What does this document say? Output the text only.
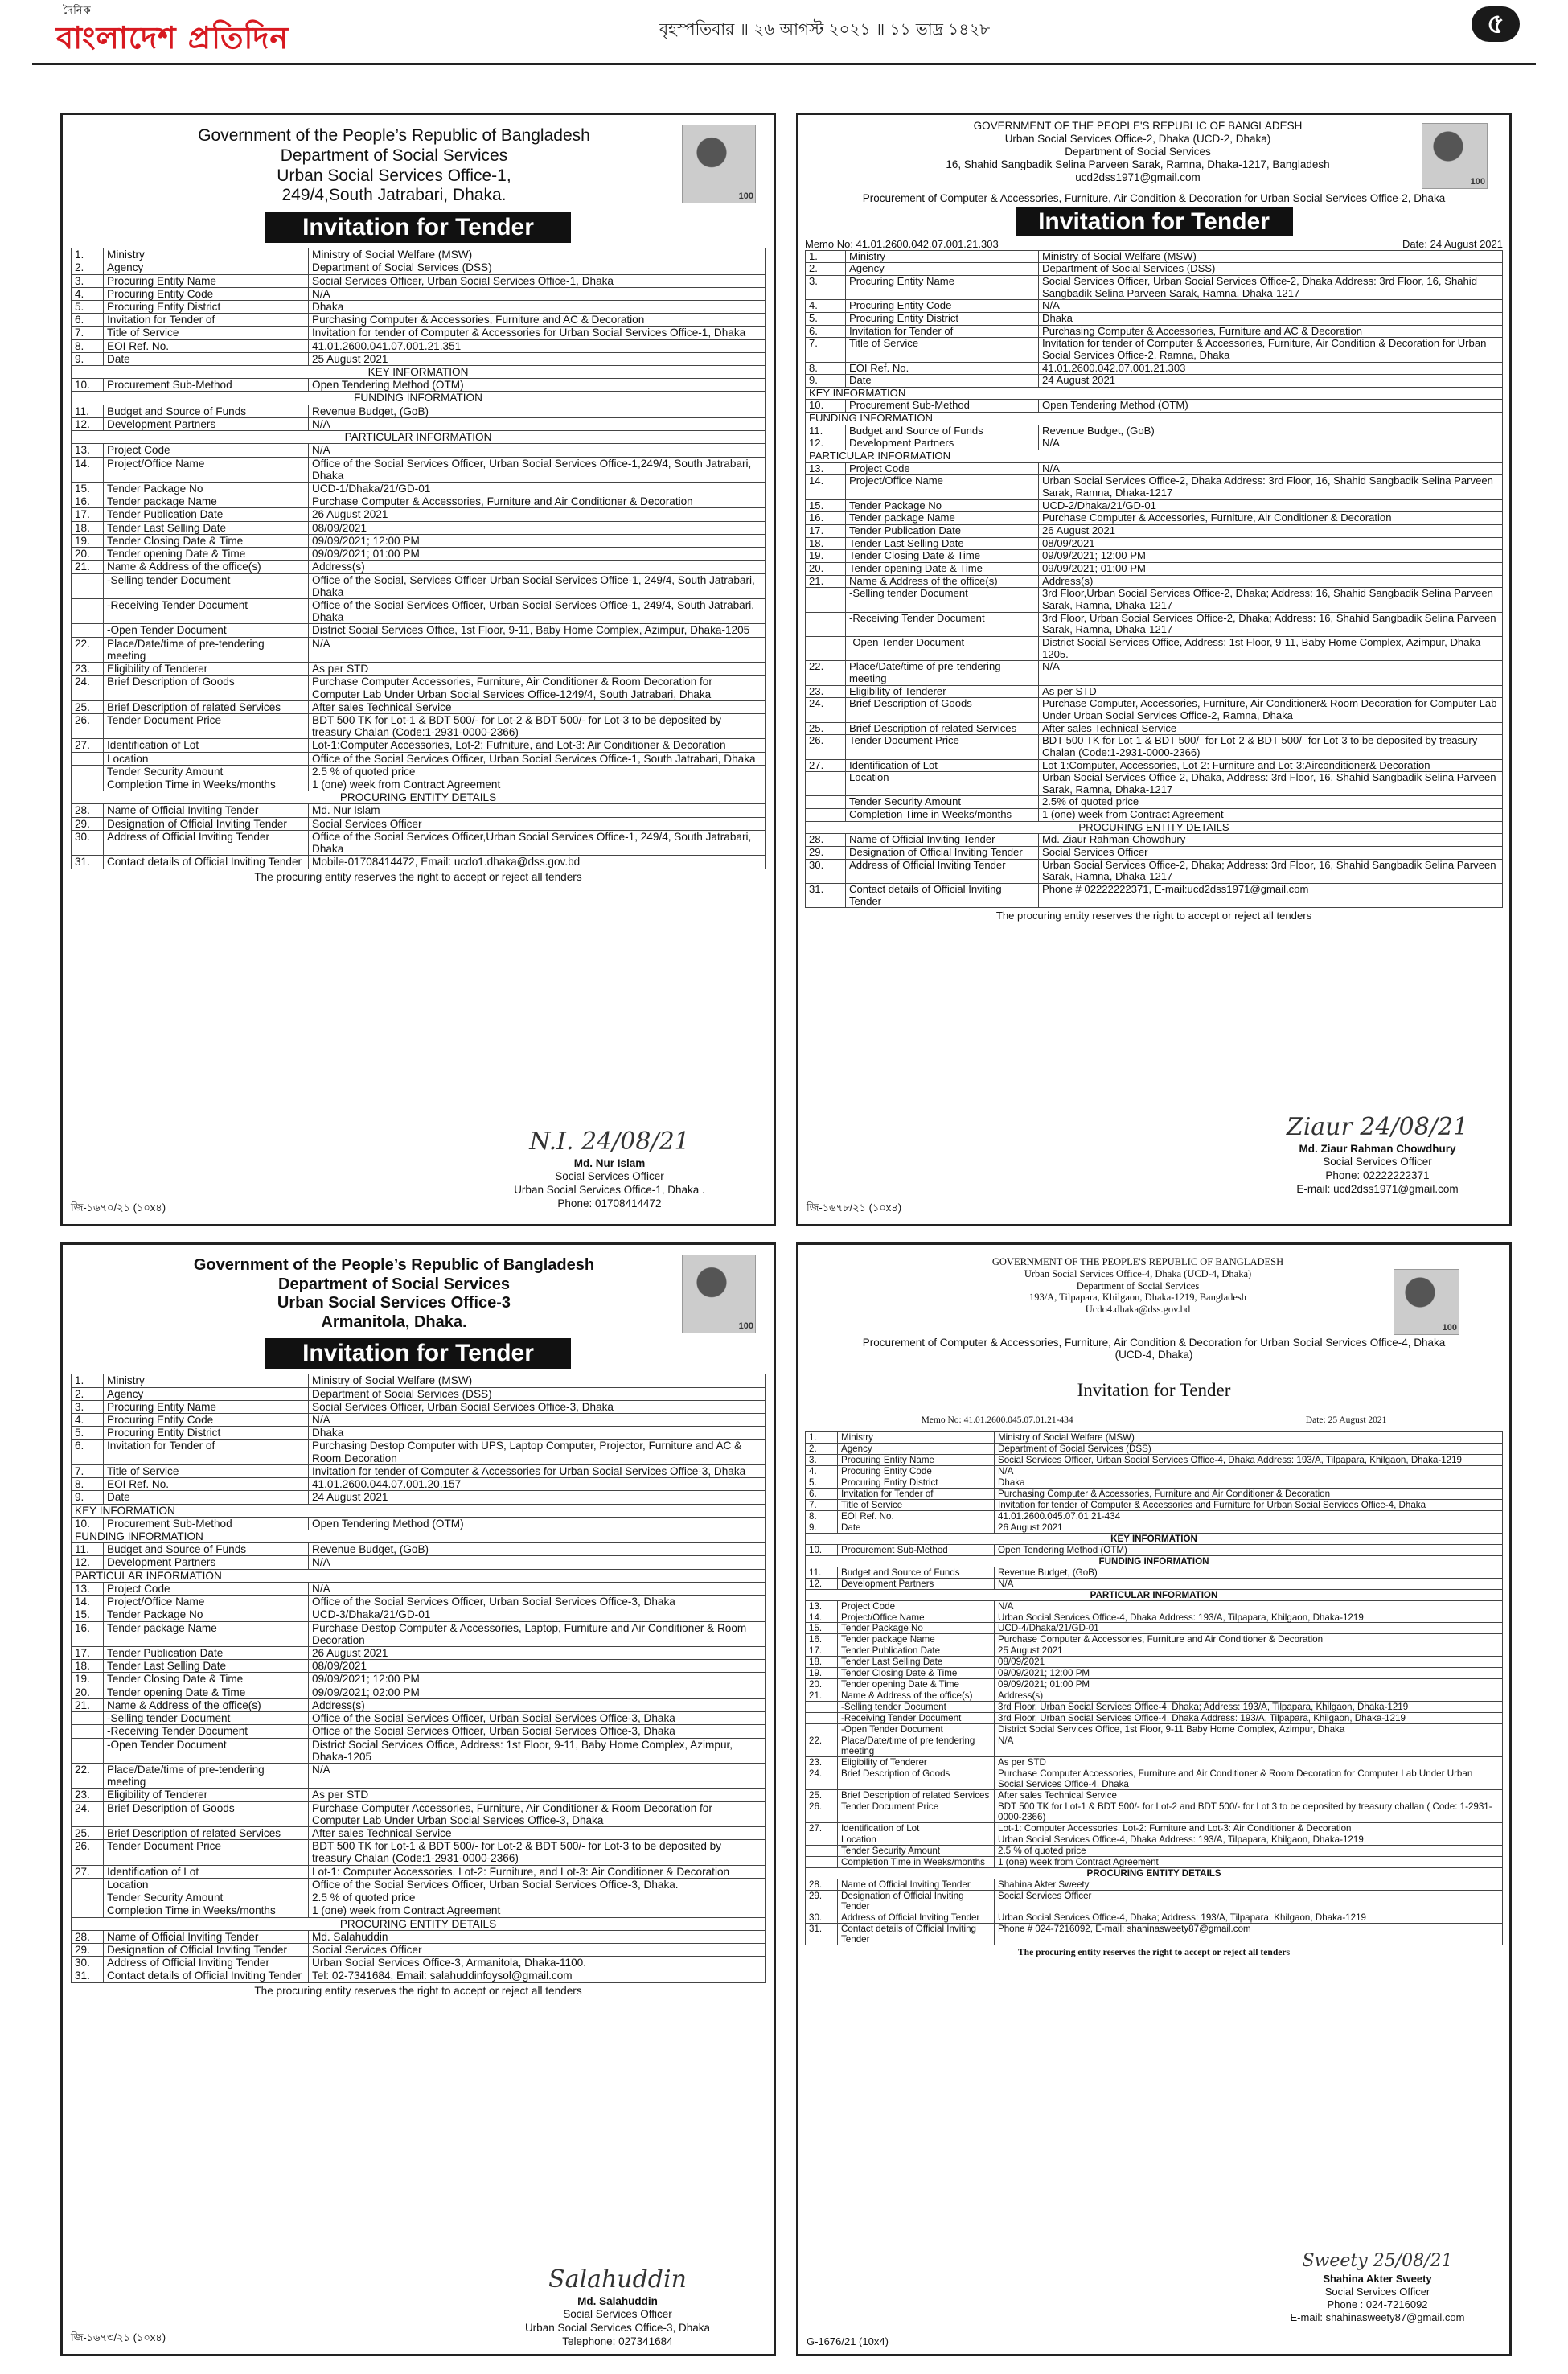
দৈনিক
বাংলাদেশ প্রতিদিন	বৃহস্পতিবার ॥ ২৬ আগস্ট ২০২১ ॥ ১১ ভাদ্র ১৪২৮	৫
100
Government of the People’s Republic of Bangladesh
Department of Social Services
Urban Social Services Office-1,
249/4,South Jatrabari, Dhaka.
Invitation for Tender
1.	Ministry	Ministry of Social Welfare (MSW)
2.	Agency	Department of Social Services (DSS)
3.	Procuring Entity Name	Social Services Officer, Urban Social Services Office-1, Dhaka
4.	Procuring Entity Code	N/A
5.	Procuring Entity District	Dhaka
6.	Invitation for Tender of	Purchasing Computer & Accessories, Furniture and AC & Decoration
7.	Title of Service	Invitation for tender of Computer & Accessories for Urban Social Services Office-1, Dhaka
8.	EOI Ref. No.	41.01.2600.041.07.001.21.351
9.	Date	25 August 2021
KEY INFORMATION		
10.	Procurement Sub-Method	Open Tendering Method (OTM)
FUNDING INFORMATION		
11.	Budget and Source of Funds	Revenue Budget, (GoB)
12.	Development Partners	N/A
PARTICULAR INFORMATION		
13.	Project Code	N/A
14.	Project/Office Name	Office of the Social Services Officer, Urban Social Services Office-1,249/4, South Jatrabari, Dhaka
15.	Tender Package No	UCD-1/Dhaka/21/GD-01
16.	Tender package Name	Purchase Computer & Accessories, Furniture and Air Conditioner & Decoration
17.	Tender Publication Date	26 August 2021
18.	Tender Last Selling Date	08/09/2021
19.	Tender Closing Date & Time	09/09/2021; 12:00 PM
20.	Tender opening Date & Time	09/09/2021; 01:00 PM
21.	Name & Address of the office(s)	Address(s)
	-Selling tender Document	Office of the Social, Services Officer Urban Social Services Office-1, 249/4, South Jatrabari, Dhaka
	-Receiving Tender Document	Office of the Social Services Officer, Urban Social Services Office-1, 249/4, South Jatrabari, Dhaka
	-Open Tender Document	District Social Services Office, 1st Floor, 9-11, Baby Home Complex, Azimpur, Dhaka-1205
22.	Place/Date/time of pre-tendering meeting	N/A
23.	Eligibility of Tenderer	As per STD
24.	Brief Description of Goods	Purchase Computer Accessories, Furniture, Air Conditioner & Room Decoration for Computer Lab Under Urban Social Services Office-1249/4, South Jatrabari, Dhaka
25.	Brief Description of related Services	After sales Technical Service
26.	Tender Document Price	BDT 500 TK for Lot-1 & BDT 500/- for Lot-2 & BDT 500/- for Lot-3 to be deposited by treasury Chalan (Code:1-2931-0000-2366)
27.	Identification of Lot	Lot-1:Computer Accessories, Lot-2: Fufniture, and Lot-3: Air Conditioner & Decoration
	Location	Office of the Social Services Officer, Urban Social Services Office-1, South Jatrabari, Dhaka
	Tender Security Amount	2.5 % of quoted price
	Completion Time in Weeks/months	1 (one) week from Contract Agreement
PROCURING ENTITY DETAILS		
28.	Name of Official Inviting Tender	Md. Nur Islam
29.	Designation of Official Inviting Tender	Social Services Officer
30.	Address of Official Inviting Tender	Office of the Social Services Officer,Urban Social Services Office-1, 249/4, South Jatrabari, Dhaka
31.	Contact details of Official Inviting Tender	Mobile-01708414472, Email: ucdo1.dhaka@dss.gov.bd
The procuring entity reserves the right to accept or reject all tenders
N.I. 24/08/21
Md. Nur Islam
Social Services Officer
Urban Social Services Office-1, Dhaka .
Phone: 01708414472
জি-১৬৭০/২১ (১০x৪)
100
GOVERNMENT OF THE PEOPLE'S REPUBLIC OF BANGLADESH
Urban Social Services Office-2, Dhaka (UCD-2, Dhaka)
Department of Social Services
16, Shahid Sangbadik Selina Parveen Sarak, Ramna, Dhaka-1217, Bangladesh
ucd2dss1971@gmail.com
Procurement of Computer & Accessories, Furniture, Air Condition & Decoration for Urban Social Services Office-2, Dhaka
Invitation for Tender
Memo No: 41.01.2600.042.07.001.21.303	Date: 24 August 2021
1.	Ministry	Ministry of Social Welfare (MSW)
2.	Agency	Department of Social Services (DSS)
3.	Procuring Entity Name	Social Services Officer, Urban Social Services Office-2, Dhaka Address: 3rd Floor, 16, Shahid Sangbadik Selina Parveen Sarak, Ramna, Dhaka-1217
4.	Procuring Entity Code	N/A
5.	Procuring Entity District	Dhaka
6.	Invitation for Tender of	Purchasing Computer & Accessories, Furniture and AC & Decoration
7.	Title of Service	Invitation for tender of Computer & Accessories, Furniture, Air Condition & Decoration for Urban Social Services Office-2, Ramna, Dhaka
8.	EOI Ref. No.	41.01.2600.042.07.001.21.303
9.	Date	24 August 2021
KEY INFORMATION		
10.	Procurement Sub-Method	Open Tendering Method (OTM)
FUNDING INFORMATION		
11.	Budget and Source of Funds	Revenue Budget, (GoB)
12.	Development Partners	N/A
PARTICULAR INFORMATION		
13.	Project Code	N/A
14.	Project/Office Name	Urban Social Services Office-2, Dhaka Address: 3rd Floor, 16, Shahid Sangbadik Selina Parveen Sarak, Ramna, Dhaka-1217
15.	Tender Package No	UCD-2/Dhaka/21/GD-01
16.	Tender package Name	Purchase Computer & Accessories, Furniture, Air Conditioner & Decoration
17.	Tender Publication Date	26 August 2021
18.	Tender Last Selling Date	08/09/2021
19.	Tender Closing Date & Time	09/09/2021; 12:00 PM
20.	Tender opening Date & Time	09/09/2021; 01:00 PM
21.	Name & Address of the office(s)	Address(s)
	-Selling tender Document	3rd Floor,Urban Social Services Office-2, Dhaka; Address: 16, Shahid Sangbadik Selina Parveen Sarak, Ramna, Dhaka-1217
	-Receiving Tender Document	3rd Floor, Urban Social Services Office-2, Dhaka; Address: 16, Shahid Sangbadik Selina Parveen Sarak, Ramna, Dhaka-1217
	-Open Tender Document	District Social Services Office, Address: 1st Floor, 9-11, Baby Home Complex, Azimpur, Dhaka-1205.
22.	Place/Date/time of pre-tendering meeting	N/A
23.	Eligibility of Tenderer	As per STD
24.	Brief Description of Goods	Purchase Computer, Accessories, Furniture, Air Conditioner& Room Decoration for Computer Lab Under Urban Social Services Office-2, Ramna, Dhaka
25.	Brief Description of related Services	After sales Technical Service
26.	Tender Document Price	BDT 500 TK for Lot-1 & BDT 500/- for Lot-2 & BDT 500/- for Lot-3 to be deposited by treasury Chalan (Code:1-2931-0000-2366)
27.	Identification of Lot	Lot-1:Computer, Accessories, Lot-2: Furniture and Lot-3:Airconditioner& Decoration
	Location	Urban Social Services Office-2, Dhaka, Address: 3rd Floor, 16, Shahid Sangbadik Selina Parveen Sarak, Ramna, Dhaka-1217
	Tender Security Amount	2.5% of quoted price
	Completion Time in Weeks/months	1 (one) week from Contract Agreement
PROCURING ENTITY DETAILS		
28.	Name of Official Inviting Tender	Md. Ziaur Rahman Chowdhury
29.	Designation of Official Inviting Tender	Social Services Officer
30.	Address of Official Inviting Tender	Urban Social Services Office-2, Dhaka; Address: 3rd Floor, 16, Shahid Sangbadik Selina Parveen Sarak, Ramna, Dhaka-1217
31.	Contact details of Official Inviting Tender	Phone # 02222222371, E-mail:ucd2dss1971@gmail.com
The procuring entity reserves the right to accept or reject all tenders
Ziaur 24/08/21
Md. Ziaur Rahman Chowdhury
Social Services Officer
Phone: 02222222371
E-mail: ucd2dss1971@gmail.com
জি-১৬৭৮/২১ (১০x৪)
100
Government of the People’s Republic of Bangladesh
Department of Social Services
Urban Social Services Office-3
Armanitola, Dhaka.
Invitation for Tender
1.	Ministry	Ministry of Social Welfare (MSW)
2.	Agency	Department of Social Services (DSS)
3.	Procuring Entity Name	Social Services Officer, Urban Social Services Office-3, Dhaka
4.	Procuring Entity Code	N/A
5.	Procuring Entity District	Dhaka
6.	Invitation for Tender of	Purchasing Destop Computer with UPS, Laptop Computer, Projector, Furniture and AC & Room Decoration
7.	Title of Service	Invitation for tender of Computer & Accessories for Urban Social Services Office-3, Dhaka
8.	EOI Ref. No.	41.01.2600.044.07.001.20.157
9.	Date	24 August 2021
KEY INFORMATION		
10.	Procurement Sub-Method	Open Tendering Method (OTM)
FUNDING INFORMATION		
11.	Budget and Source of Funds	Revenue Budget, (GoB)
12.	Development Partners	N/A
PARTICULAR INFORMATION		
13.	Project Code	N/A
14.	Project/Office Name	Office of the Social Services Officer, Urban Social Services Office-3, Dhaka
15.	Tender Package No	UCD-3/Dhaka/21/GD-01
16.	Tender package Name	Purchase Destop Computer & Accessories, Laptop, Furniture and Air Conditioner & Room Decoration
17.	Tender Publication Date	26 August 2021
18.	Tender Last Selling Date	08/09/2021
19.	Tender Closing Date & Time	09/09/2021; 12:00 PM
20.	Tender opening Date & Time	09/09/2021; 02:00 PM
21.	Name & Address of the office(s)	Address(s)
	-Selling tender Document	Office of the Social Services Officer, Urban Social Services Office-3, Dhaka
	-Receiving Tender Document	Office of the Social Services Officer, Urban Social Services Office-3, Dhaka
	-Open Tender Document	District Social Services Office, Address: 1st Floor, 9-11, Baby Home Complex, Azimpur, Dhaka-1205
22.	Place/Date/time of pre-tendering meeting	N/A
23.	Eligibility of Tenderer	As per STD
24.	Brief Description of Goods	Purchase Computer Accessories, Furniture, Air Conditioner & Room Decoration for Computer Lab Under Urban Social Services Office-3, Dhaka
25.	Brief Description of related Services	After sales Technical Service
26.	Tender Document Price	BDT 500 TK for Lot-1 & BDT 500/- for Lot-2 & BDT 500/- for Lot-3 to be deposited by treasury Chalan (Code:1-2931-0000-2366)
27.	Identification of Lot	Lot-1: Computer Accessories, Lot-2: Furniture, and Lot-3: Air Conditioner & Decoration
	Location	Office of the Social Services Officer, Urban Social Services Office-3, Dhaka.
	Tender Security Amount	2.5 % of quoted price
	Completion Time in Weeks/months	1 (one) week from Contract Agreement
PROCURING ENTITY DETAILS		
28.	Name of Official Inviting Tender	Md. Salahuddin
29.	Designation of Official Inviting Tender	Social Services Officer
30.	Address of Official Inviting Tender	Urban Social Services Office-3, Armanitola, Dhaka-1100.
31.	Contact details of Official Inviting Tender	Tel: 02-7341684, Email: salahuddinfoysol@gmail.com
The procuring entity reserves the right to accept or reject all tenders
Salahuddin
Md. Salahuddin
Social Services Officer
Urban Social Services Office-3, Dhaka
Telephone: 027341684
জি-১৬৭৩/২১ (১০x৪)
100
GOVERNMENT OF THE PEOPLE'S REPUBLIC OF BANGLADESH
Urban Social Services Office-4, Dhaka (UCD-4, Dhaka)
Department of Social Services
193/A, Tilpapara, Khilgaon, Dhaka-1219, Bangladesh
Ucdo4.dhaka@dss.gov.bd
Procurement of Computer & Accessories, Furniture, Air Condition & Decoration for Urban Social Services Office-4, Dhaka (UCD-4, Dhaka)
Invitation for Tender
Memo No: 41.01.2600.045.07.01.21-434	Date: 25 August 2021
1.	Ministry	Ministry of Social Welfare (MSW)
2.	Agency	Department of Social Services (DSS)
3.	Procuring Entity Name	Social Services Officer, Urban Social Services Office-4, Dhaka Address: 193/A, Tilpapara, Khilgaon, Dhaka-1219
4.	Procuring Entity Code	N/A
5.	Procuring Entity District	Dhaka
6.	Invitation for Tender of	Purchasing Computer & Accessories, Furniture and Air Conditioner & Decoration
7.	Title of Service	Invitation for tender of Computer & Accessories and Furniture for Urban Social Services Office-4, Dhaka
8.	EOI Ref. No.	41.01.2600.045.07.01.21-434
9.	Date	26 August 2021
KEY INFORMATION		
10.	Procurement Sub-Method	Open Tendering Method (OTM)
FUNDING INFORMATION		
11.	Budget and Source of Funds	Revenue Budget, (GoB)
12.	Development Partners	N/A
PARTICULAR INFORMATION		
13.	Project Code	N/A
14.	Project/Office Name	Urban Social Services Office-4, Dhaka Address: 193/A, Tilpapara, Khilgaon, Dhaka-1219
15.	Tender Package No	UCD-4/Dhaka/21/GD-01
16.	Tender package Name	Purchase Computer & Accessories, Furniture and Air Conditioner & Decoration
17.	Tender Publication Date	25 August 2021
18.	Tender Last Selling Date	08/09/2021
19.	Tender Closing Date & Time	09/09/2021; 12:00 PM
20.	Tender opening Date & Time	09/09/2021; 01:00 PM
21.	Name & Address of the office(s)	Address(s)
	-Selling tender Document	3rd Floor, Urban Social Services Office-4, Dhaka; Address: 193/A, Tilpapara, Khilgaon, Dhaka-1219
	-Receiving Tender Document	3rd Floor, Urban Social Services Office-4, Dhaka Address: 193/A, Tilpapara, Khilgaon, Dhaka-1219
	-Open Tender Document	District Social Services Office, 1st Floor, 9-11 Baby Home Complex, Azimpur, Dhaka
22.	Place/Date/time of pre tendering meeting	N/A
23.	Eligibility of Tenderer	As per STD
24.	Brief Description of Goods	Purchase Computer Accessories, Furniture and Air Conditioner & Room Decoration for Computer Lab Under Urban Social Services Office-4, Dhaka
25.	Brief Description of related Services	After sales Technical Service
26.	Tender Document Price	BDT 500 TK for Lot-1 & BDT 500/- for Lot-2 and BDT 500/- for Lot 3 to be deposited by treasury challan ( Code: 1-2931-0000-2366)
27.	Identification of Lot	Lot-1: Computer Accessories, Lot-2: Furniture and Lot-3: Air Conditioner & Decoration
	Location	Urban Social Services Office-4, Dhaka Address: 193/A, Tilpapara, Khilgaon, Dhaka-1219
	Tender Security Amount	2.5 % of quoted price
	Completion Time in Weeks/months	1 (one) week from Contract Agreement
PROCURING ENTITY DETAILS		
28.	Name of Official Inviting Tender	Shahina Akter Sweety
29.	Designation of Official Inviting Tender	Social Services Officer
30.	Address of Official Inviting Tender	Urban Social Services Office-4, Dhaka; Address: 193/A, Tilpapara, Khilgaon, Dhaka-1219
31.	Contact details of Official Inviting Tender	Phone # 024-7216092, E-mail: shahinasweety87@gmail.com
The procuring entity reserves the right to accept or reject all tenders
Sweety 25/08/21
Shahina Akter Sweety
Social Services Officer
Phone : 024-7216092
E-mail: shahinasweety87@gmail.com
G-1676/21 (10x4)
